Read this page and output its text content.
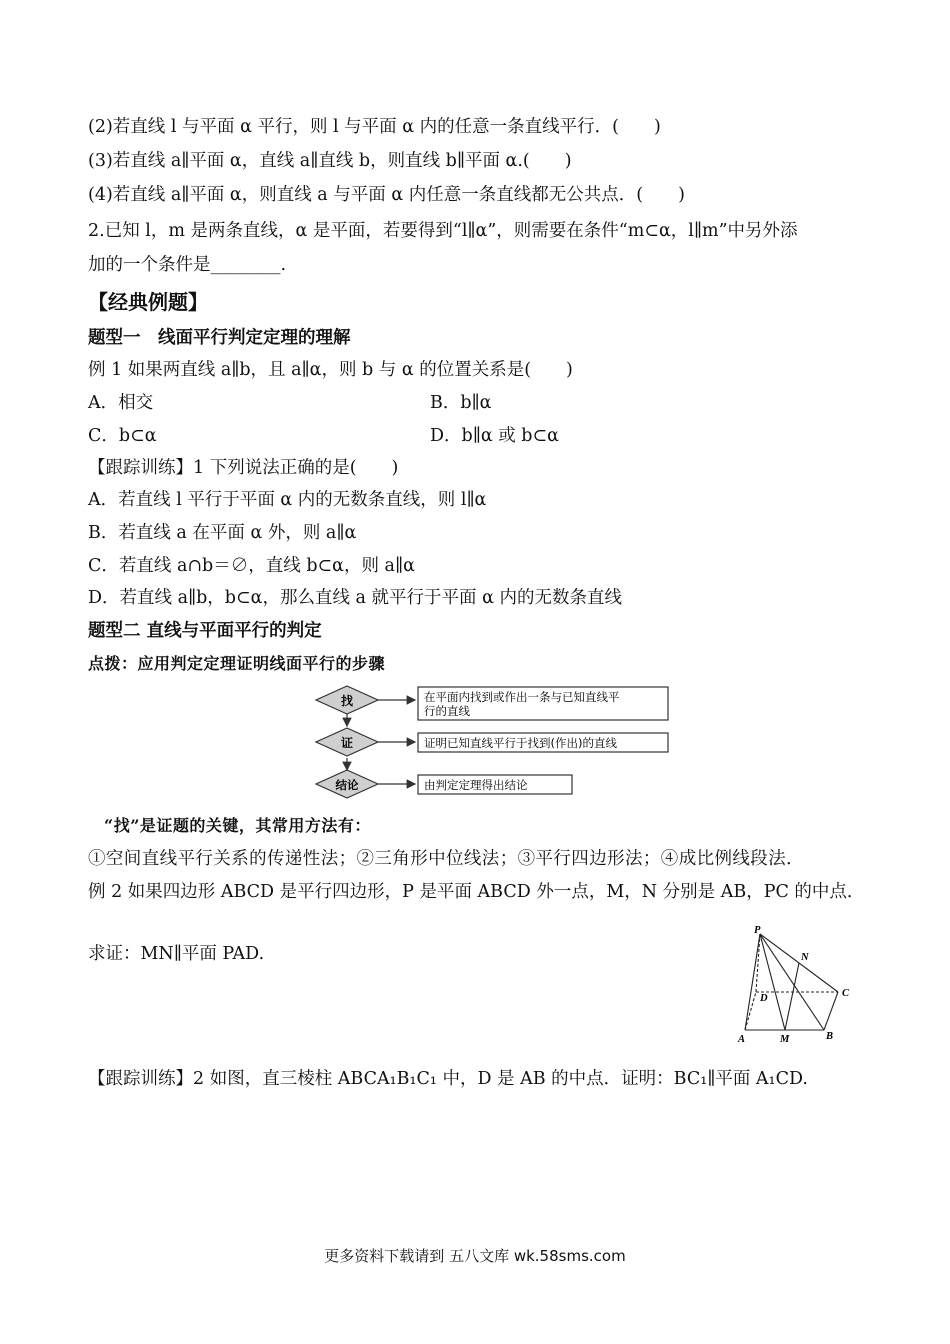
(2)若直线 l 与平面 α 平行，则 l 与平面 α 内的任意一条直线平行．(　　)
(3)若直线 a∥平面 α，直线 a∥直线 b，则直线 b∥平面 α.(　　)
(4)若直线 a∥平面 α，则直线 a 与平面 α 内任意一条直线都无公共点．(　　)
2.已知 l，m 是两条直线，α 是平面，若要得到“l∥α”，则需要在条件“m⊂α，l∥m”中另外添
加的一个条件是________.
【经典例题】
题型一　线面平行判定定理的理解
例 1 如果两直线 a∥b，且 a∥α，则 b 与 α 的位置关系是(　　)
A．相交	B．b∥α
C．b⊂α	D．b∥α 或 b⊂α
【跟踪训练】1 下列说法正确的是(　　)
A．若直线 l 平行于平面 α 内的无数条直线，则 l∥α
B．若直线 a 在平面 α 外，则 a∥α
C．若直线 a∩b＝∅，直线 b⊂α，则 a∥α
D．若直线 a∥b，b⊂α，那么直线 a 就平行于平面 α 内的无数条直线
题型二 直线与平面平行的判定
点拨：应用判定定理证明线面平行的步骤
找	在平面内找到或作出一条与已知直线平
行的直线
证	证明已知直线平行于找到(作出)的直线
结论	由判定定理得出结论
“找”是证题的关键，其常用方法有：
①空间直线平行关系的传递性法；②三角形中位线法；③平行四边形法；④成比例线段法．
例 2 如果四边形 ABCD 是平行四边形，P 是平面 ABCD 外一点，M，N 分别是 AB，PC 的中点．
求证：MN∥平面 PAD.
P
N
D	C
A	M	B
【跟踪训练】2 如图，直三棱柱 ABCA₁B₁C₁ 中，D 是 AB 的中点．证明：BC₁∥平面 A₁CD.
更多资料下载请到 五八文库 wk.58sms.com
